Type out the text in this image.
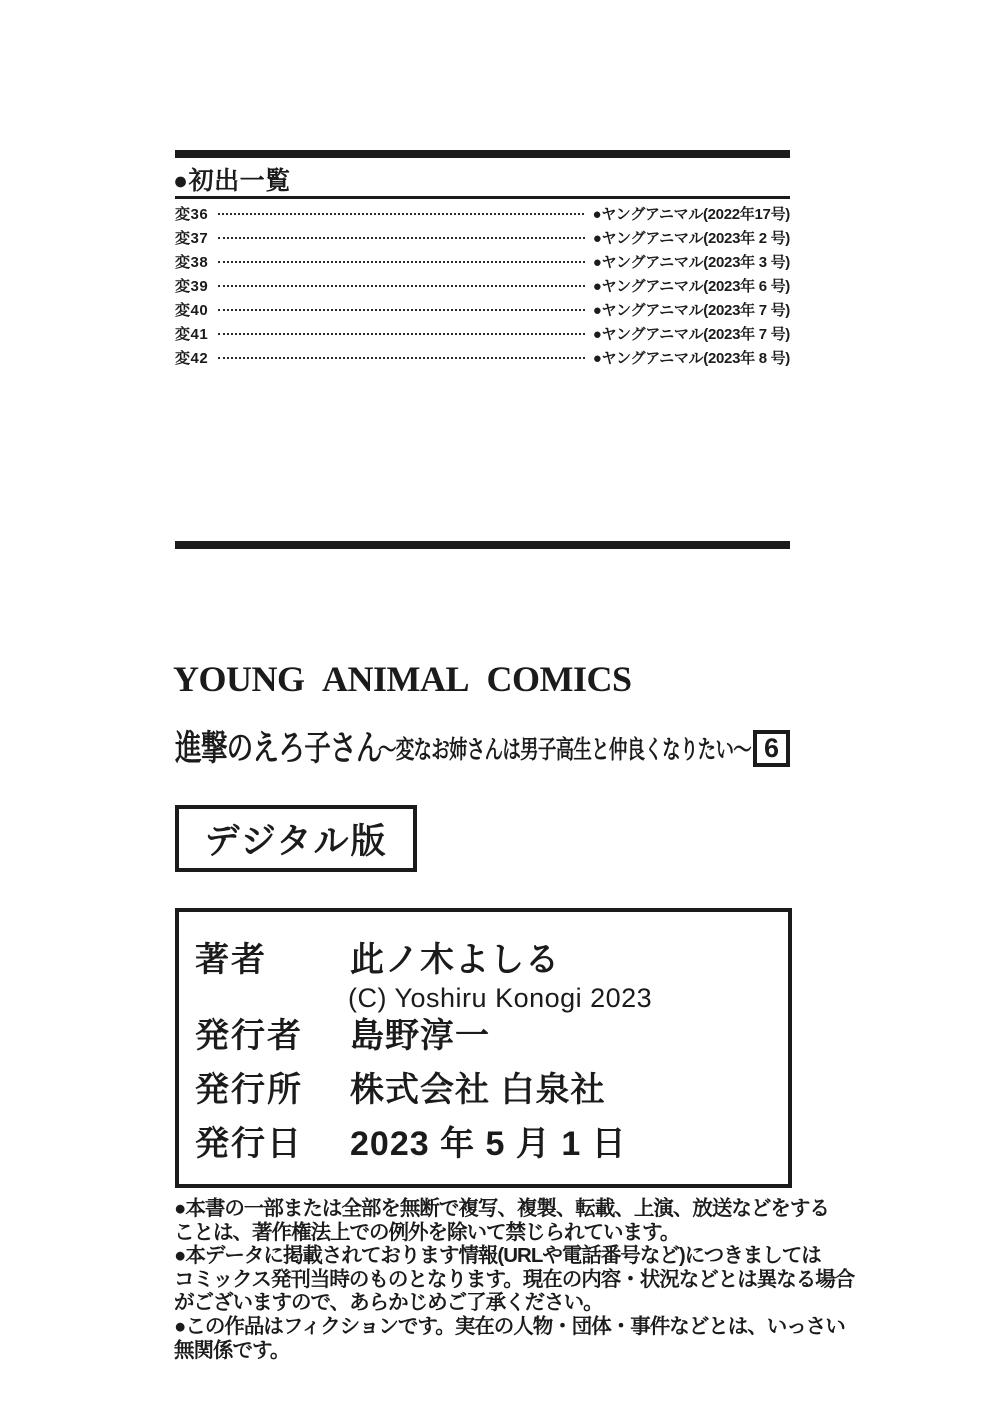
●初出一覧
変36	●ヤングアニマル(2022年17号)
変37	●ヤングアニマル(2023年 2 号)
変38	●ヤングアニマル(2023年 3 号)
変39	●ヤングアニマル(2023年 6 号)
変40	●ヤングアニマル(2023年 7 号)
変41	●ヤングアニマル(2023年 7 号)
変42	●ヤングアニマル(2023年 8 号)
YOUNG ANIMAL COMICS
進撃のえろ子さん
～変なお姉さんは男子高生と仲良くなりたい～ 6
デジタル版
著者 此ノ木よしる
(C) Yoshiru Konogi 2023
発行者 島野淳一
発行所 株式会社 白泉社
発行日 2023 年 5 月 1 日
●本書の一部または全部を無断で複写、複製、転載、上演、放送などをする
ことは、著作権法上での例外を除いて禁じられています。
●本データに掲載されております情報(URLや電話番号など)につきましては
コミックス発刊当時のものとなります。現在の内容・状況などとは異なる場合
がございますので、あらかじめご了承ください。
●この作品はフィクションです。実在の人物・団体・事件などとは、いっさい
無関係です。
